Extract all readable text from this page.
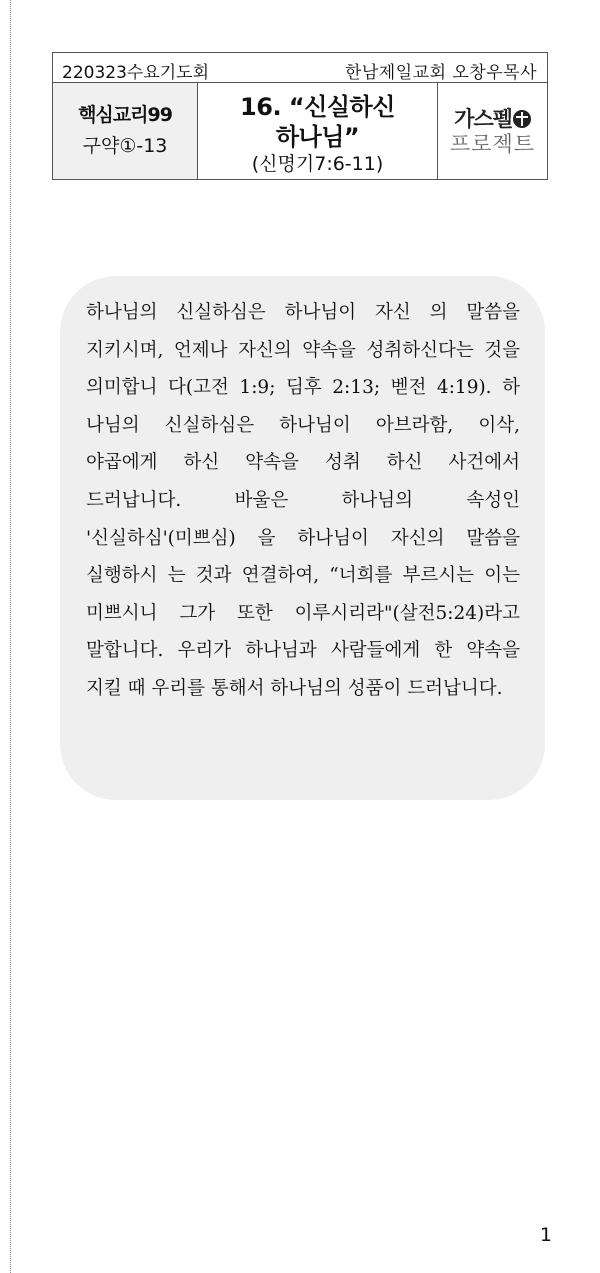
220323수요기도회	한남제일교회 오창우목사
핵심교리99
구약①-13
16. “신실하신
하나님”
(신명기7:6-11)
가스펠
프로젝트
하나님의 신실하심은 하나님이 자신 의 말씀을 지키시며, 언제나 자신의 약속을 성취하신다는 것을 의미합니 다(고전 1:9; 딤후 2:13; 벧전 4:19). 하 나님의 신실하심은 하나님이 아브라함, 이삭, 야곱에게 하신 약속을 성취 하신 사건에서 드러납니다. 바울은 하나님의 속성인 '신실하심'(미쁘심) 을 하나님이 자신의 말씀을 실행하시 는 것과 연결하여, “너희를 부르시는 이는 미쁘시니 그가 또한 이루시리라"(살전5:24)라고 말합니다. 우리가 하나님과 사람들에게 한 약속을 지킬 때 우리를 통해서 하나님의 성품이 드러납니다.
1
